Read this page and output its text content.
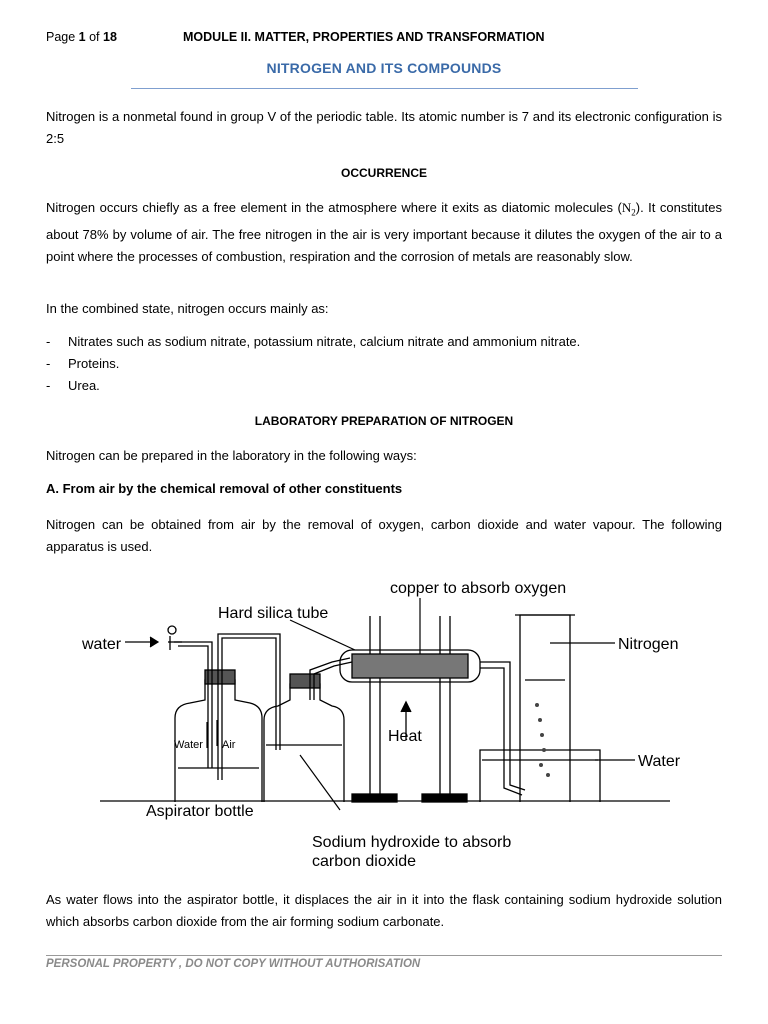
Page 1 of 18	MODULE II. MATTER, PROPERTIES AND TRANSFORMATION
NITROGEN AND ITS COMPOUNDS
Nitrogen is a nonmetal found in group V of the periodic table. Its atomic number is 7 and its electronic configuration is 2:5
OCCURRENCE
Nitrogen occurs chiefly as a free element in the atmosphere where it exits as diatomic molecules $(N_2)$. It constitutes about 78% by volume of air. The free nitrogen in the air is very important because it dilutes the oxygen of the air to a point where the processes of combustion, respiration and the corrosion of metals are reasonably slow.
In the combined state, nitrogen occurs mainly as:
- Nitrates such as sodium nitrate, potassium nitrate, calcium nitrate and ammonium nitrate.
- Proteins.
- Urea.
LABORATORY PREPARATION OF NITROGEN
Nitrogen can be prepared in the laboratory in the following ways:
A. From air by the chemical removal of other constituents
Nitrogen can be obtained from air by the removal of oxygen, carbon dioxide and water vapour. The following apparatus is used.
copper to absorb oxygen
Hard silica tube
water	Nitrogen
Heat
Water
Water Air
Aspirator bottle
Sodium hydroxide to absorb
carbon dioxide
As water flows into the aspirator bottle, it displaces the air in it into the flask containing sodium hydroxide solution which absorbs carbon dioxide from the air forming sodium carbonate.
PERSONAL PROPERTY , DO NOT COPY WITHOUT AUTHORISATION
